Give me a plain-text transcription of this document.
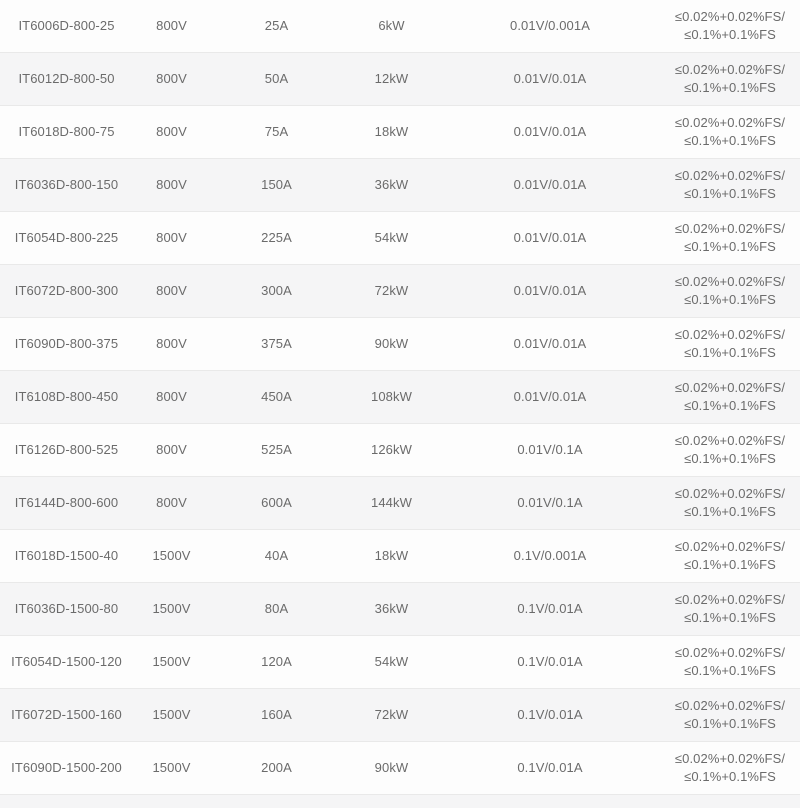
IT6006D-800-25	800V	25A	6kW	0.01V/0.001A	≤0.02%+0.02%FS/
≤0.1%+0.1%FS
IT6012D-800-50	800V	50A	12kW	0.01V/0.01A	≤0.02%+0.02%FS/
≤0.1%+0.1%FS
IT6018D-800-75	800V	75A	18kW	0.01V/0.01A	≤0.02%+0.02%FS/
≤0.1%+0.1%FS
IT6036D-800-150	800V	150A	36kW	0.01V/0.01A	≤0.02%+0.02%FS/
≤0.1%+0.1%FS
IT6054D-800-225	800V	225A	54kW	0.01V/0.01A	≤0.02%+0.02%FS/
≤0.1%+0.1%FS
IT6072D-800-300	800V	300A	72kW	0.01V/0.01A	≤0.02%+0.02%FS/
≤0.1%+0.1%FS
IT6090D-800-375	800V	375A	90kW	0.01V/0.01A	≤0.02%+0.02%FS/
≤0.1%+0.1%FS
IT6108D-800-450	800V	450A	108kW	0.01V/0.01A	≤0.02%+0.02%FS/
≤0.1%+0.1%FS
IT6126D-800-525	800V	525A	126kW	0.01V/0.1A	≤0.02%+0.02%FS/
≤0.1%+0.1%FS
IT6144D-800-600	800V	600A	144kW	0.01V/0.1A	≤0.02%+0.02%FS/
≤0.1%+0.1%FS
IT6018D-1500-40	1500V	40A	18kW	0.1V/0.001A	≤0.02%+0.02%FS/
≤0.1%+0.1%FS
IT6036D-1500-80	1500V	80A	36kW	0.1V/0.01A	≤0.02%+0.02%FS/
≤0.1%+0.1%FS
IT6054D-1500-120	1500V	120A	54kW	0.1V/0.01A	≤0.02%+0.02%FS/
≤0.1%+0.1%FS
IT6072D-1500-160	1500V	160A	72kW	0.1V/0.01A	≤0.02%+0.02%FS/
≤0.1%+0.1%FS
IT6090D-1500-200	1500V	200A	90kW	0.1V/0.01A	≤0.02%+0.02%FS/
≤0.1%+0.1%FS
